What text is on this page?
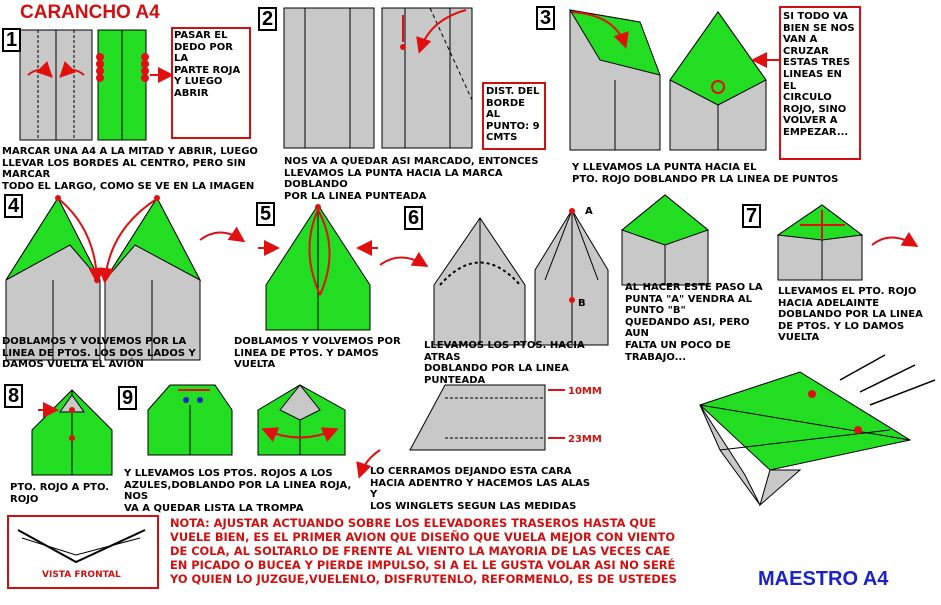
CARANCHO A4
1
2	3
4	5	6	7
8	9
PASAR EL
DEDO POR LA
PARTE ROJA
Y LUEGO
ABRIR
MARCAR UNA A4 A LA MITAD Y ABRIR, LUEGO
LLEVAR LOS BORDES AL CENTRO, PERO SIN MARCAR
TODO EL LARGO, COMO SE VE EN LA IMAGEN
DIST. DEL
BORDE AL
PUNTO: 9
CMTS
NOS VA A QUEDAR ASI MARCADO, ENTONCES
LLEVAMOS LA PUNTA HACIA LA MARCA DOBLANDO
POR LA LINEA PUNTEADA
SI TODO VA
BIEN SE NOS
VAN A
CRUZAR
ESTAS TRES
LINEAS EN EL
CIRCULO
ROJO, SINO
VOLVER A
EMPEZAR...
Y LLEVAMOS LA PUNTA HACIA EL
PTO. ROJO DOBLANDO PR LA LINEA DE PUNTOS
DOBLAMOS Y VOLVEMOS POR LA
LINEA DE PTOS. LOS DOS LADOS Y
DAMOS VUELTA EL AVIÓN
DOBLAMOS Y VOLVEMOS POR
LINEA DE PTOS. Y DAMOS
VUELTA
LLEVAMOS LOS PTOS. HACIA ATRAS
DOBLANDO POR LA LINEA PUNTEADA
A
B
AL HACER ESTE PASO LA
PUNTA "A" VENDRA AL
PUNTO "B"
QUEDANDO ASI, PERO AUN
FALTA UN POCO DE
TRABAJO...
LLEVAMOS EL PTO. ROJO
HACIA ADELAINTE
DOBLANDO POR LA LINEA
DE PTOS. Y LO DAMOS
VUELTA
PTO. ROJO A PTO.
ROJO
Y LLEVAMOS LOS PTOS. ROJOS A LOS
AZULES,DOBLANDO POR LA LINEA ROJA, NOS
VA A QUEDAR LISTA LA TROMPA
LO CERRAMOS DEJANDO ESTA CARA
HACIA ADENTRO Y HACEMOS LAS ALAS Y
LOS WINGLETS SEGUN LAS MEDIDAS
10MM
23MM
VISTA FRONTAL
NOTA: AJUSTAR ACTUANDO SOBRE LOS ELEVADORES TRASEROS HASTA QUE
VUELE BIEN, ES EL PRIMER AVION QUE DISEÑO QUE VUELA MEJOR CON VIENTO
DE COLA, AL SOLTARLO DE FRENTE AL VIENTO LA MAYORIA DE LAS VECES CAE
EN PICADO O BUCEA Y PIERDE IMPULSO, SI A EL LE GUSTA VOLAR ASI NO SERÉ
YO QUIEN LO JUZGUE,VUELENLO, DISFRUTENLO, REFORMENLO, ES DE USTEDES	MAESTRO A4
